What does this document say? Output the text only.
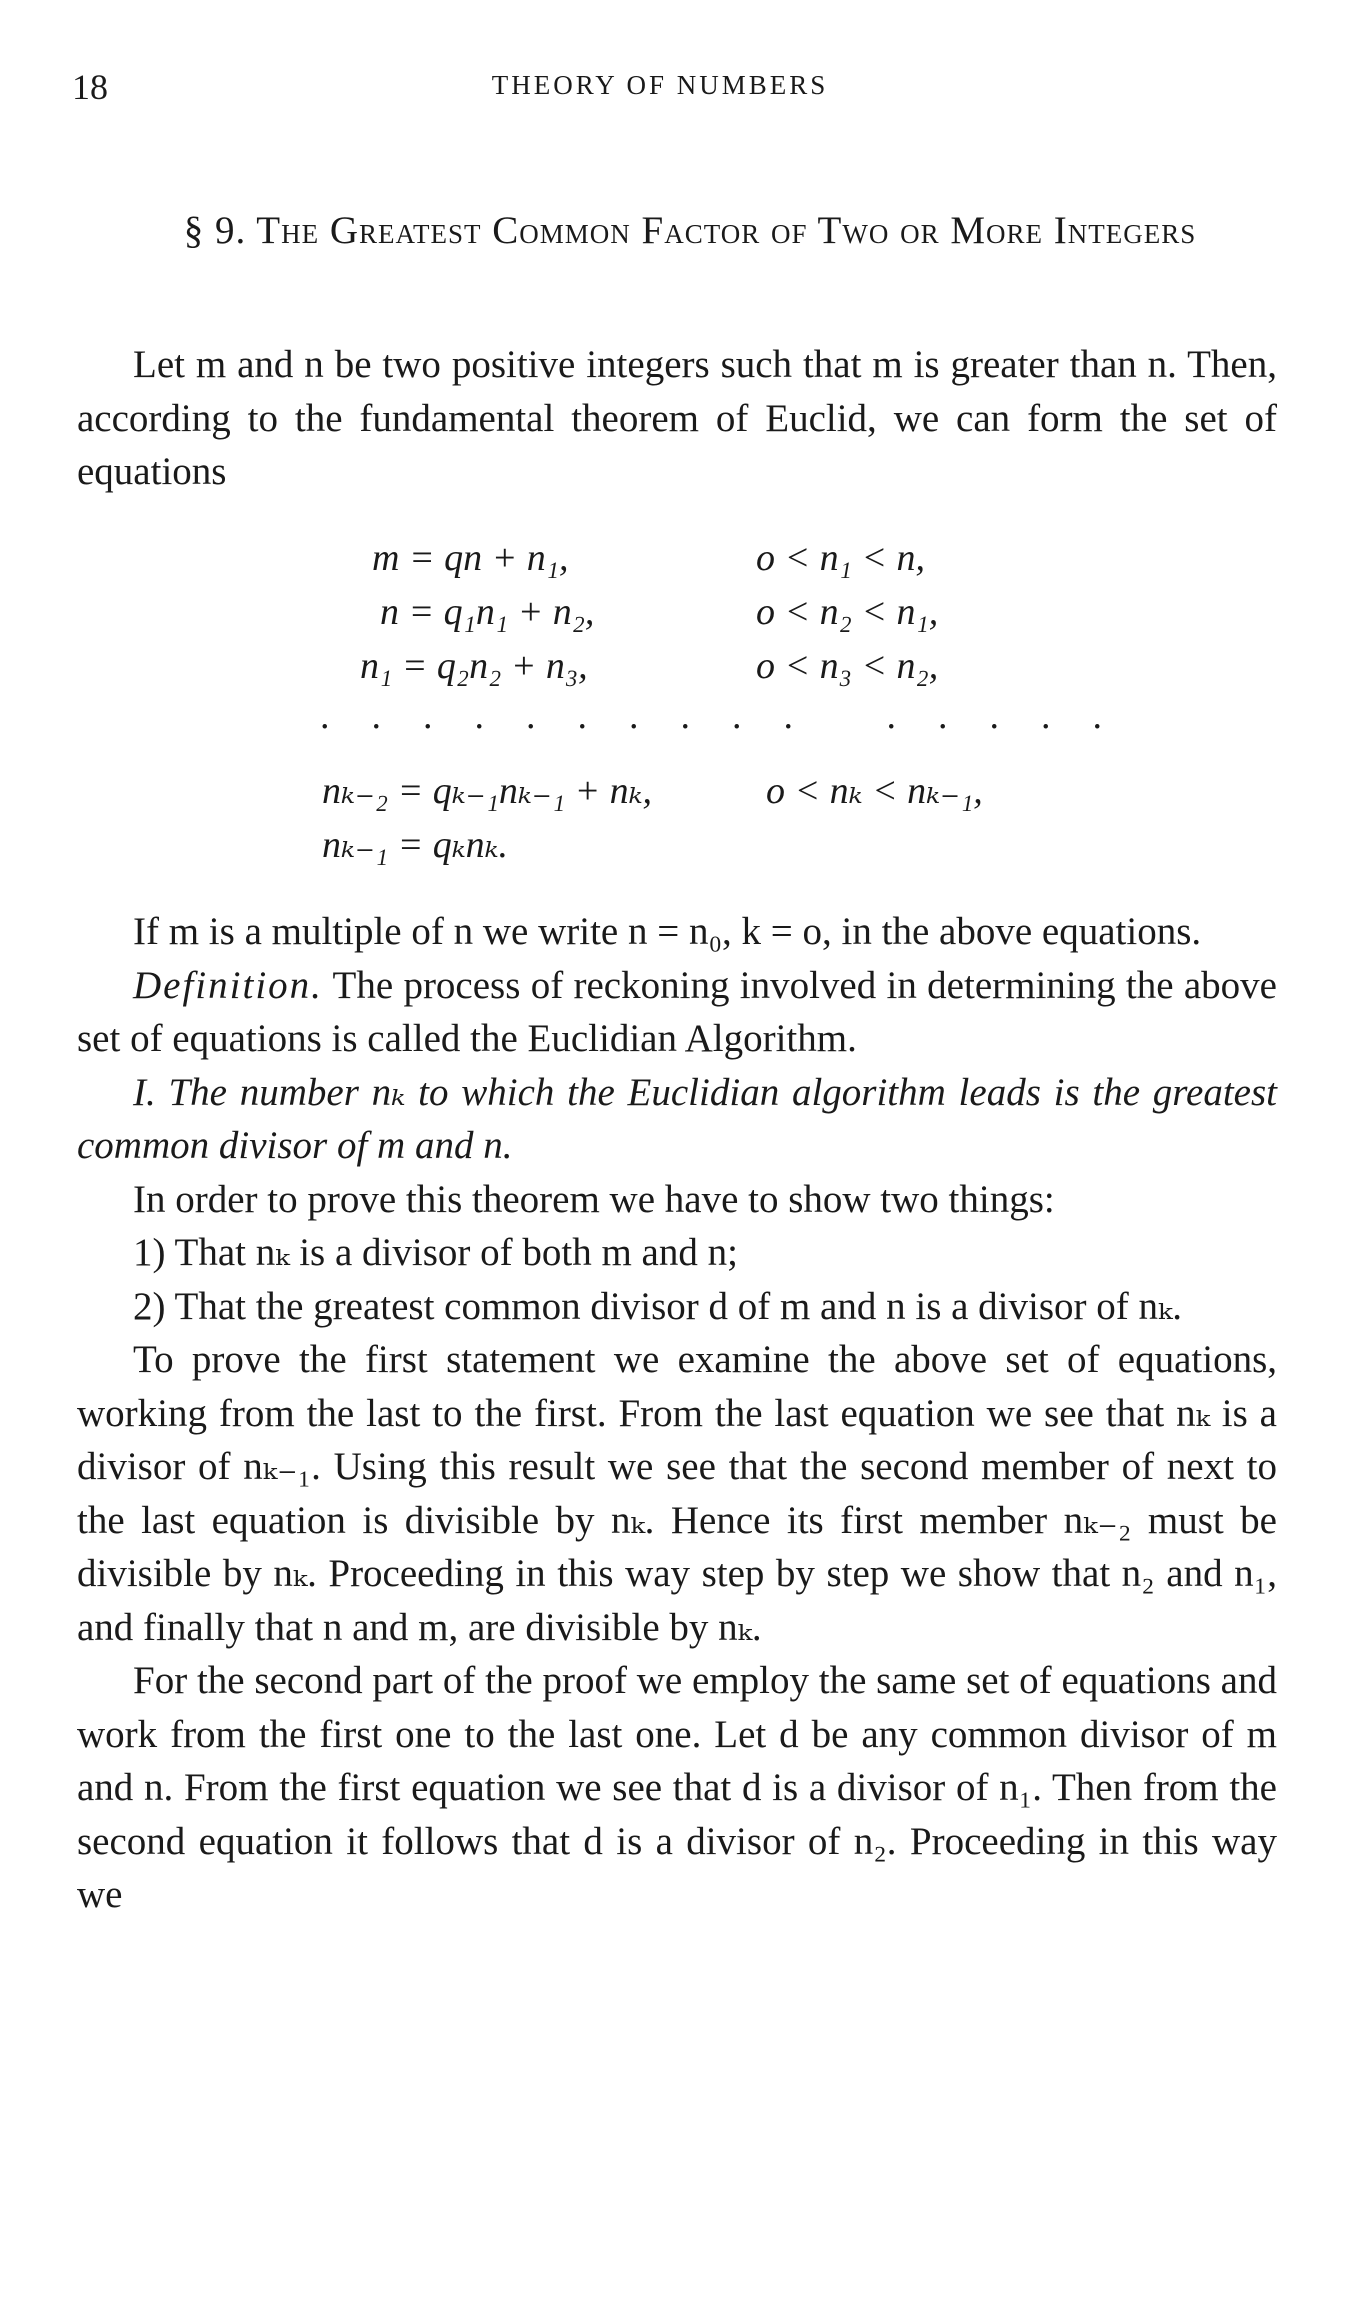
18	THEORY OF NUMBERS
§ 9. The Greatest Common Factor of Two or More Integers

Let m and n be two positive integers such that m is greater than n. Then, according to the fundamental theorem of Euclid, we can form the set of equations

m = qn + n₁,	o < n₁ < n,
n = q₁n₁ + n₂,	o < n₂ < n₁,
n₁ = q₂n₂ + n₃,	o < n₃ < n₂,
.......... .....
nₖ₋₂ = qₖ₋₁nₖ₋₁ + nₖ,	o < nₖ < nₖ₋₁,
nₖ₋₁ = qₖnₖ.

If m is a multiple of n we write n = n₀, k = o, in the above equations.

Definition. The process of reckoning involved in determining the above set of equations is called the Euclidian Algorithm.

I. The number nₖ to which the Euclidian algorithm leads is the greatest common divisor of m and n.

In order to prove this theorem we have to show two things:

1) That nₖ is a divisor of both m and n;

2) That the greatest common divisor d of m and n is a divisor of nₖ.

To prove the first statement we examine the above set of equations, working from the last to the first. From the last equation we see that nₖ is a divisor of nₖ₋₁. Using this result we see that the second member of next to the last equation is divisible by nₖ. Hence its first member nₖ₋₂ must be divisible by nₖ. Proceeding in this way step by step we show that n₂ and n₁, and finally that n and m, are divisible by nₖ.

For the second part of the proof we employ the same set of equations and work from the first one to the last one. Let d be any common divisor of m and n. From the first equation we see that d is a divisor of n₁. Then from the second equation it follows that d is a divisor of n₂. Proceeding in this way we
